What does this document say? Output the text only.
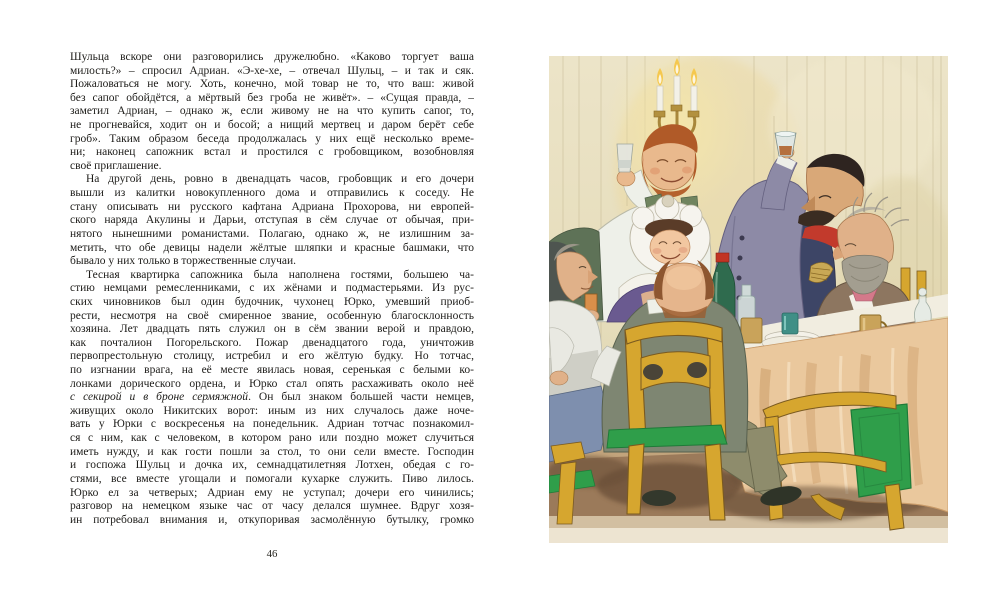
Шульца вскоре они разговорились дружелюбно. «Каково торгует ваша
милость?» – спросил Адриан. «Э-хе-хе, – отвечал Шульц, – и так и сяк.
Пожаловаться не могу. Хоть, конечно, мой товар не то, что ваш: живой
без сапог обойдётся, а мёртвый без гроба не живёт». – «Сущая правда, –
заметил Адриан, – однако ж, если живому не на что купить сапог, то,
не прогневайся, ходит он и босой; а нищий мертвец и даром берёт себе
гроб». Таким образом беседа продолжалась у них ещё несколько време-
ни; наконец сапожник встал и простился с гробовщиком, возобновляя
своё приглашение.
На другой день, ровно в двенадцать часов, гробовщик и его дочери
вышли из калитки новокупленного дома и отправились к соседу. Не
стану описывать ни русского кафтана Адриана Прохорова, ни европей-
ского наряда Акулины и Дарьи, отступая в сём случае от обычая, при-
нятого нынешними романистами. Полагаю, однако ж, не излишним за-
метить, что обе девицы надели жёлтые шляпки и красные башмаки, что
бывало у них только в торжественные случаи.
Тесная квартирка сапожника была наполнена гостями, большею ча-
стию немцами ремесленниками, с их жёнами и подмастерьями. Из рус-
ских чиновников был один будочник, чухонец Юрко, умевший приоб-
рести, несмотря на своё смиренное звание, особенную благосклонность
хозяина. Лет двадцать пять служил он в сём звании верой и правдою,
как почталион Погорельского. Пожар двенадцатого года, уничтожив
первопрестольную столицу, истребил и его жёлтую будку. Но тотчас,
по изгнании врага, на её месте явилась новая, серенькая с белыми ко-
лонками дорического ордена, и Юрко стал опять расхаживать около неё
с секирой и в броне сермяжной. Он был знаком большей части немцев,
живущих около Никитских ворот: иным из них случалось даже ноче-
вать у Юрки с воскресенья на понедельник. Адриан тотчас познакомил-
ся с ним, как с человеком, в котором рано или поздно может случиться
иметь нужду, и как гости пошли за стол, то они сели вместе. Господин
и госпожа Шульц и дочка их, семнадцатилетняя Лотхен, обедая с го-
стями, все вместе угощали и помогали кухарке служить. Пиво лилось.
Юрко ел за четверых; Адриан ему не уступал; дочери его чинились;
разговор на немецком языке час от часу делался шумнее. Вдруг хозя-
ин потребовал внимания и, откупоривая засмолённую бутылку, громко
46
